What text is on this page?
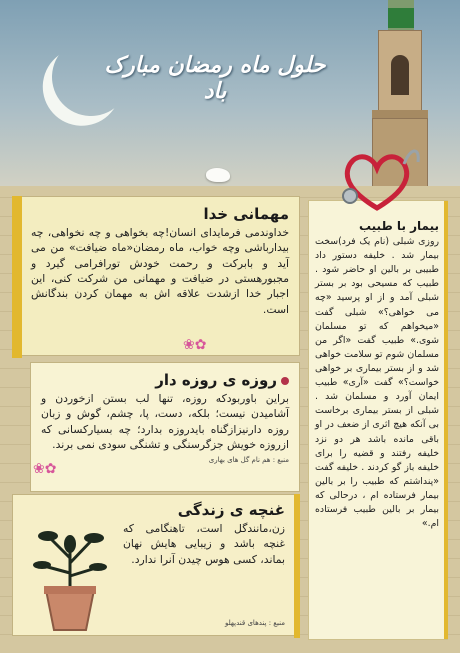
حلول ماه رمضان مبارک باد
بیمار با طبیب
روزی شبلی (نام یک فرد)سخت بیمار شد . خلیفه دستور داد طبیبی بر بالین او حاضر شود . طبیب که مسیحی بود بر بستر شبلی آمد و از او پرسید «چه می خواهی؟» شبلی گفت «میخواهم که تو مسلمان شوی.» طبیب گفت «اگر من مسلمان شوم تو سلامت خواهی شد و از بستر بیماری بر خواهی خواست؟» گفت «آری» طبیب ایمان آورد و مسلمان شد . شبلی از بستر بیماری برخاست بی آنکه هیچ اثری از ضعف در او باقی مانده باشد هر دو نزد خلیفه رفتند و قضیه را برای خلیفه باز گو کردند . خلیفه گفت «پنداشتم که طبیب را بر بالین بیمار فرستاده ام ، درحالی که بیمار بر بالین طبیب فرستاده ام.»
مهمانی خدا
خداوندمی فرمایدای انسان!چه بخواهی و چه نخواهی، چه بیدارباشی وچه خواب، ماه رمضان«ماه ضیافت» من می آید و بابرکت و رحمت خودش تورافرامی گیرد و مجبورهستی در ضیافت و مهمانی من شرکت کنی، این اجبار خدا ازشدت علاقه اش به مهمان کردن بندگانش است.
✿❀
روزه ی روزه دار
براین باوربودکه روزه، تنها لب بستن ازخوردن و آشامیدن نیست؛ بلکه، دست، پا، چشم، گوش و زبان روزه دارنیزازگناه بایدروزه بدارد؛ چه بسیارکسانی که ازروزه خویش جزگرسنگی و تشنگی سودی نمی برند.
منبع : هم نام گل های بهاری
✿❀
غنچه ی زندگی
زن،مانندگل است، تاهنگامی که غنچه باشد و زیبایی هایش نهان بماند، کسی هوس چیدن آنرا ندارد.
منبع : پندهای قندپهلو
